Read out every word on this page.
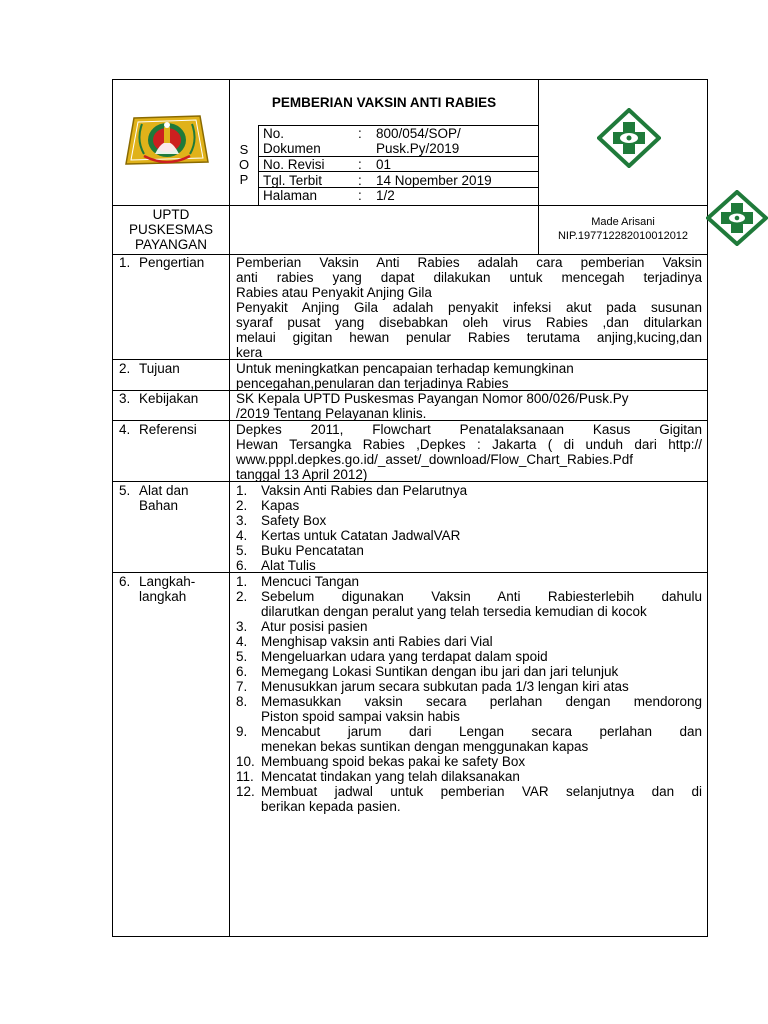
PEMBERIAN VAKSIN ANTI RABIES
S
O
P
No.
Dokumen
: 800/054/SOP/
Pusk.Py/2019
No. Revisi : 01
Tgl. Terbit	: 14 Nopember 2019
Halaman	: 1/2
UPTD
PUSKESMAS
PAYANGAN
Made Arisani
NIP.197712282010012012
1. Pengertian
2. Tujuan
3. Kebijakan
4. Referensi
5. Alat dan
Bahan
6. Langkah-
langkah
Pemberian Vaksin Anti Rabies adalah cara pemberian Vaksin
anti rabies yang dapat dilakukan untuk mencegah terjadinya
Rabies atau Penyakit Anjing Gila
Penyakit Anjing Gila adalah penyakit infeksi akut pada susunan
syaraf pusat yang disebabkan oleh virus Rabies ,dan ditularkan
melaui gigitan hewan penular Rabies terutama anjing,kucing,dan
kera
Untuk meningkatkan pencapaian terhadap kemungkinan
pencegahan,penularan dan terjadinya Rabies
SK Kepala UPTD Puskesmas Payangan Nomor 800/026/Pusk.Py
/2019 Tentang Pelayanan klinis.
Depkes 2011, Flowchart Penatalaksanaan Kasus Gigitan
Hewan Tersangka Rabies ,Depkes : Jakarta ( di unduh dari http://
www.pppl.depkes.go.id/_asset/_download/Flow_Chart_Rabies.Pdf
tanggal 13 April 2012)
1. Vaksin Anti Rabies dan Pelarutnya
2. Kapas
3. Safety Box
4. Kertas untuk Catatan JadwalVAR
5. Buku Pencatatan
6. Alat Tulis
1. Mencuci Tangan
2. Sebelum digunakan Vaksin Anti Rabiesterlebih dahulu
dilarutkan dengan peralut yang telah tersedia kemudian di kocok
3. Atur posisi pasien
4. Menghisap vaksin anti Rabies dari Vial
5. Mengeluarkan udara yang terdapat dalam spoid
6. Memegang Lokasi Suntikan dengan ibu jari dan jari telunjuk
7. Menusukkan jarum secara subkutan pada 1/3 lengan kiri atas
8. Memasukkan vaksin secara perlahan dengan mendorong
Piston spoid sampai vaksin habis
9. Mencabut jarum dari Lengan secara perlahan dan
menekan bekas suntikan dengan menggunakan kapas
10. Membuang spoid bekas pakai ke safety Box
11. Mencatat tindakan yang telah dilaksanakan
12. Membuat jadwal untuk pemberian VAR selanjutnya dan di
berikan kepada pasien.
